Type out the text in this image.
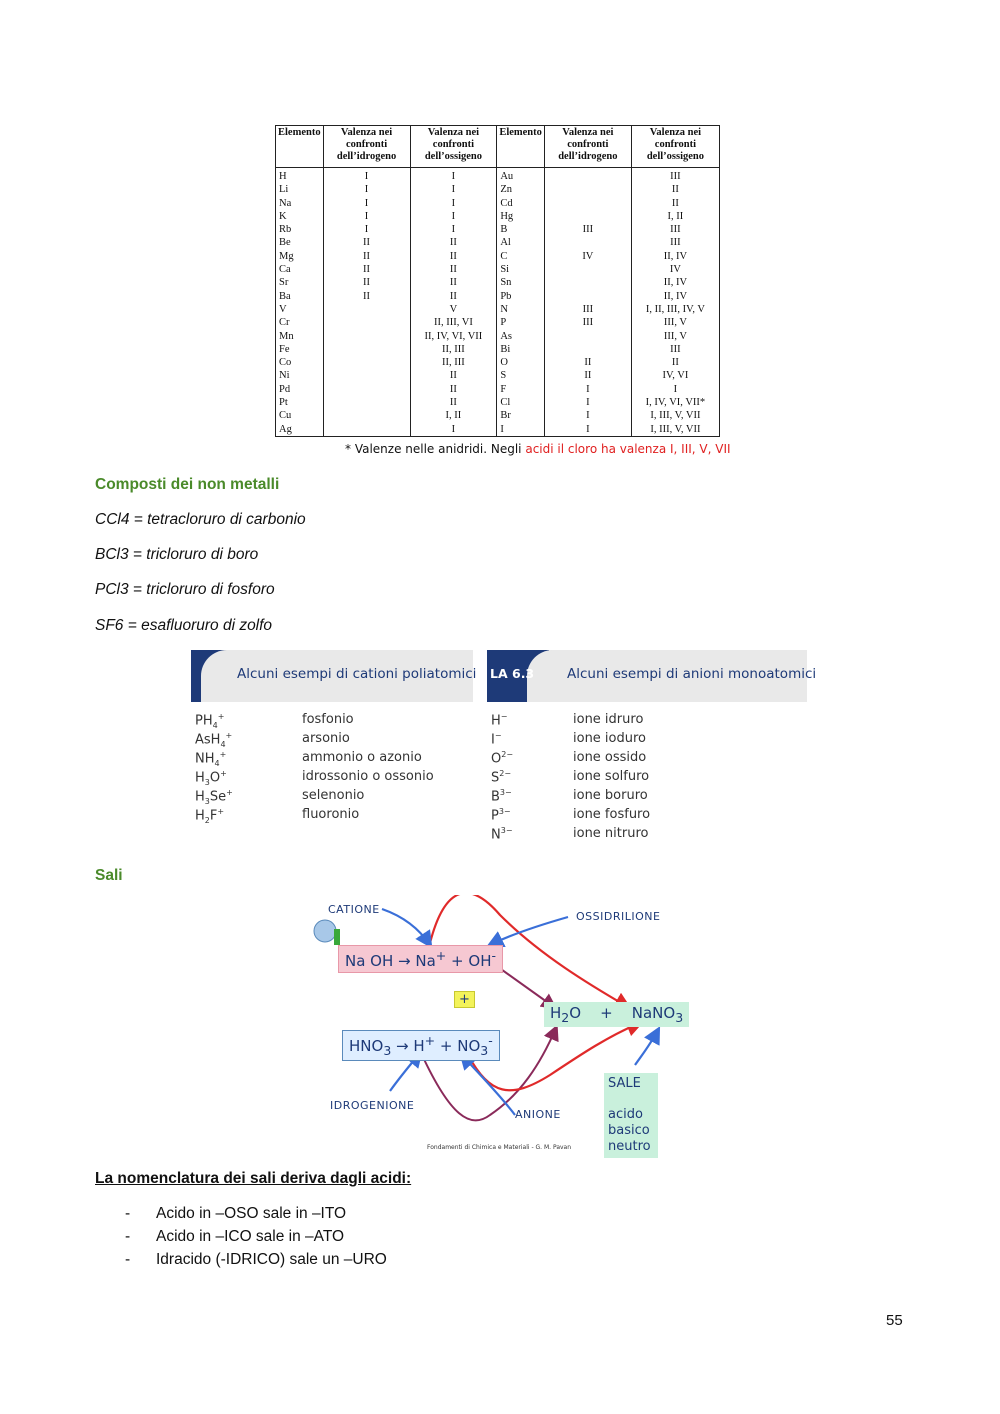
Elemento	Valenza nei confronti dell’idrogeno	Valenza nei confronti dell’ossigeno	Elemento	Valenza nei confronti dell’idrogeno	Valenza nei confronti dell’ossigeno
H	I	I	Au		III
Li	I	I	Zn		II
Na	I	I	Cd		II
K	I	I	Hg		I, II
Rb	I	I	B	III	III
Be	II	II	Al		III
Mg	II	II	C	IV	II, IV
Ca	II	II	Si		IV
Sr	II	II	Sn		II, IV
Ba	II	II	Pb		II, IV
V		V	N	III	I, II, III, IV, V
Cr		II, III, VI	P	III	III, V
Mn		II, IV, VI, VII	As		III, V
Fe		II, III	Bi		III
Co		II, III	O	II	II
Ni		II	S	II	IV, VI
Pd		II	F	I	I
Pt		II	Cl	I	I, IV, VI, VII*
Cu		I, II	Br	I	I, III, V, VII
Ag		I	I	I	I, III, V, VII
* Valenze nelle anidridi. Negli acidi il cloro ha valenza I, III, V, VII
Composti dei non metalli
CCl4 = tetracloruro di carbonio
BCl3 = tricloruro di boro
PCl3 = tricloruro di fosforo
SF6 = esafluoruro di zolfo
Alcuni esempi di cationi poliatomici
$PH_4^+$	fosfonio
AsH$_4$+	arsonio
$NH_4^+$	ammonio o azonio
$H_3O^+$	idrossonio o ossonio
$H_3Se^+$	selenonio
$H_2F^+$	fluoronio
LA 6.3 Alcuni esempi di anioni monoatomici
H−	ione idruro
I−	ione ioduro
$O^{2-}$	ione ossido
$S^{2-}$	ione solfuro
$B^{3-}$	ione boruro
$P^{3-}$	ione fosfuro
$N^{3-}$	ione nitruro
Sali
CATIONE
OSSIDRILIONE
Na OH → Na+ + OH-
+
$H_2O$    +    NaNO$_3$
$HNO_3 \to H^+ + NO_3^-$
IDROGENIONE
ANIONE
SALE
acido
basico
neutro
Fondamenti di Chimica e Materiali - G. M. Pavan
La nomenclatura dei sali deriva dagli acidi:
- Acido in –OSO sale in –ITO
- Acido in –ICO sale in –ATO
- Idracido (-IDRICO) sale un –URO
55
